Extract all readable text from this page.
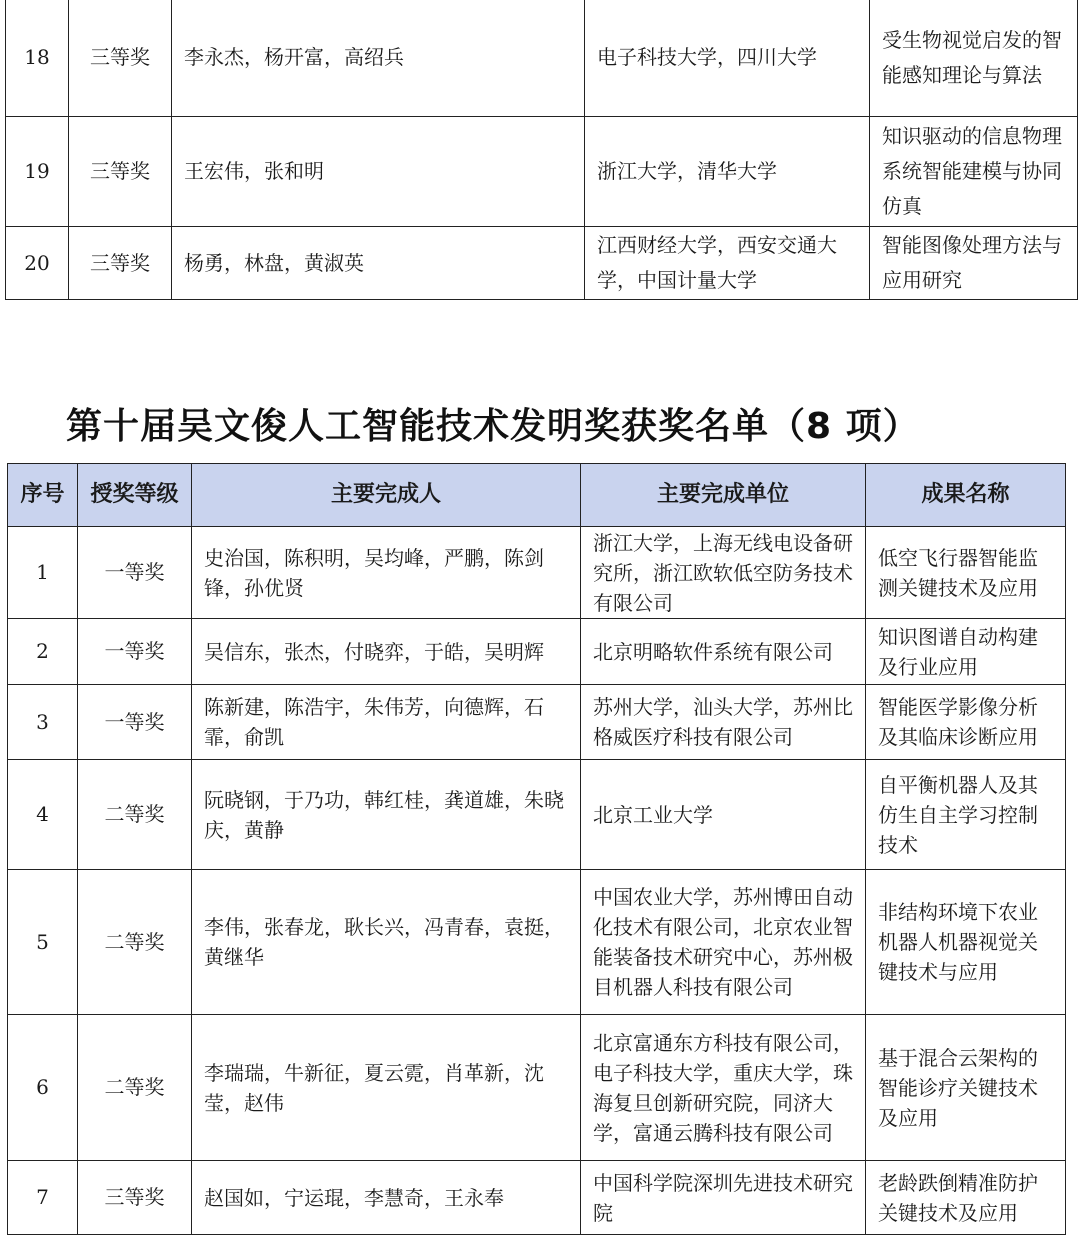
18	三等奖	李永杰，杨开富，高绍兵	电子科技大学，四川大学	受生物视觉启发的智能感知理论与算法
19	三等奖	王宏伟，张和明	浙江大学，清华大学	知识驱动的信息物理系统智能建模与协同仿真
20	三等奖	杨勇，林盘，黄淑英	江西财经大学，西安交通大学，中国计量大学	智能图像处理方法与应用研究
第十届吴文俊人工智能技术发明奖获奖名单（8 项）
序号	授奖等级	主要完成人	主要完成单位	成果名称
1	一等奖	史治国，陈积明，吴均峰，严鹏，陈剑锋，孙优贤	浙江大学，上海无线电设备研究所，浙江欧软低空防务技术有限公司	低空飞行器智能监测关键技术及应用
2	一等奖	吴信东，张杰，付晓弈，于皓，吴明辉	北京明略软件系统有限公司	知识图谱自动构建及行业应用
3	一等奖	陈新建，陈浩宇，朱伟芳，向德辉，石霏，俞凯	苏州大学，汕头大学，苏州比格威医疗科技有限公司	智能医学影像分析及其临床诊断应用
4	二等奖	阮晓钢，于乃功，韩红桂，龚道雄，朱晓庆，黄静	北京工业大学	自平衡机器人及其仿生自主学习控制技术
5	二等奖	李伟，张春龙，耿长兴，冯青春，袁挺，黄继华	中国农业大学，苏州博田自动化技术有限公司，北京农业智能装备技术研究中心，苏州极目机器人科技有限公司	非结构环境下农业机器人机器视觉关键技术与应用
6	二等奖	李瑞瑞，牛新征，夏云霓，肖革新，沈莹，赵伟	北京富通东方科技有限公司，电子科技大学，重庆大学，珠海复旦创新研究院，同济大学，富通云腾科技有限公司	基于混合云架构的智能诊疗关键技术及应用
7	三等奖	赵国如，宁运琨，李慧奇，王永奉	中国科学院深圳先进技术研究院	老龄跌倒精准防护关键技术及应用
